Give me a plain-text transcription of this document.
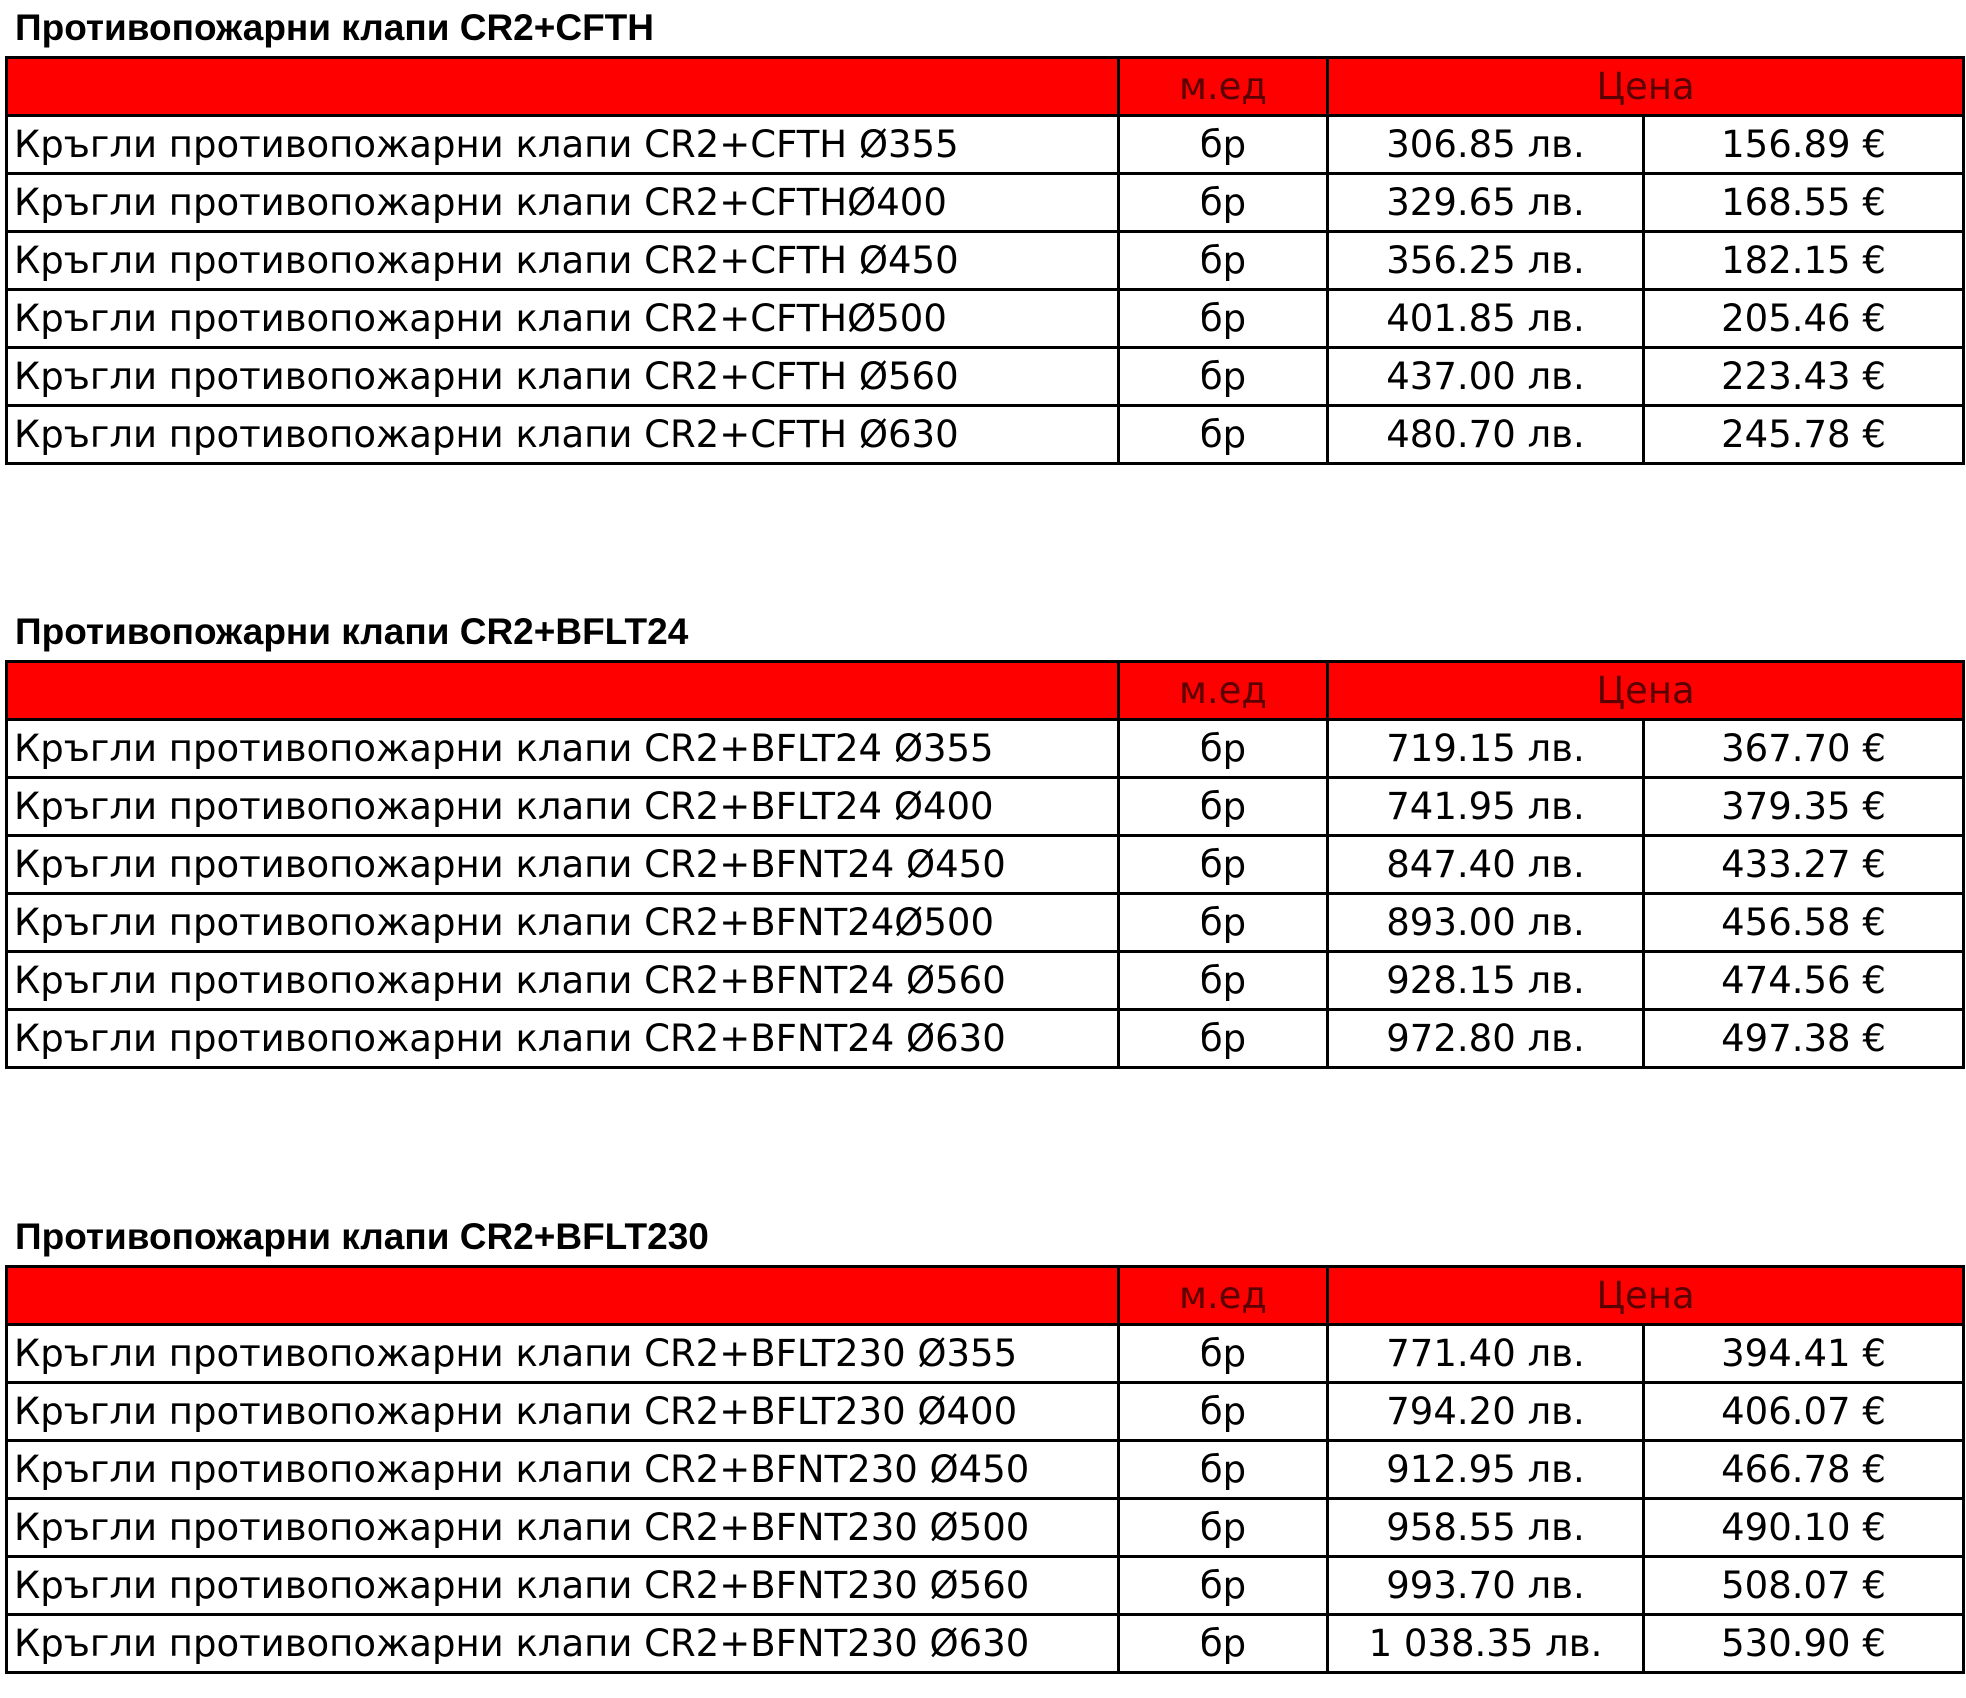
Противопожарни клапи CR2+CFTH
	м.ед	Цена	
Кръгли противопожарни клапи CR2+CFTH Ø355	бр	306.85 лв.	156.89 €
Кръгли противопожарни клапи CR2+CFTHØ400	бр	329.65 лв.	168.55 €
Кръгли противопожарни клапи CR2+CFTH Ø450	бр	356.25 лв.	182.15 €
Кръгли противопожарни клапи CR2+CFTHØ500	бр	401.85 лв.	205.46 €
Кръгли противопожарни клапи CR2+CFTH Ø560	бр	437.00 лв.	223.43 €
Кръгли противопожарни клапи CR2+CFTH Ø630	бр	480.70 лв.	245.78 €
Противопожарни клапи CR2+BFLT24
	м.ед	Цена	
Кръгли противопожарни клапи CR2+BFLT24 Ø355	бр	719.15 лв.	367.70 €
Кръгли противопожарни клапи CR2+BFLT24 Ø400	бр	741.95 лв.	379.35 €
Кръгли противопожарни клапи CR2+BFNT24 Ø450	бр	847.40 лв.	433.27 €
Кръгли противопожарни клапи CR2+BFNT24Ø500	бр	893.00 лв.	456.58 €
Кръгли противопожарни клапи CR2+BFNT24 Ø560	бр	928.15 лв.	474.56 €
Кръгли противопожарни клапи CR2+BFNT24 Ø630	бр	972.80 лв.	497.38 €
Противопожарни клапи CR2+BFLT230
	м.ед	Цена	
Кръгли противопожарни клапи CR2+BFLT230 Ø355	бр	771.40 лв.	394.41 €
Кръгли противопожарни клапи CR2+BFLT230 Ø400	бр	794.20 лв.	406.07 €
Кръгли противопожарни клапи CR2+BFNT230 Ø450	бр	912.95 лв.	466.78 €
Кръгли противопожарни клапи CR2+BFNT230 Ø500	бр	958.55 лв.	490.10 €
Кръгли противопожарни клапи CR2+BFNT230 Ø560	бр	993.70 лв.	508.07 €
Кръгли противопожарни клапи CR2+BFNT230 Ø630	бр	1 038.35 лв.	530.90 €
